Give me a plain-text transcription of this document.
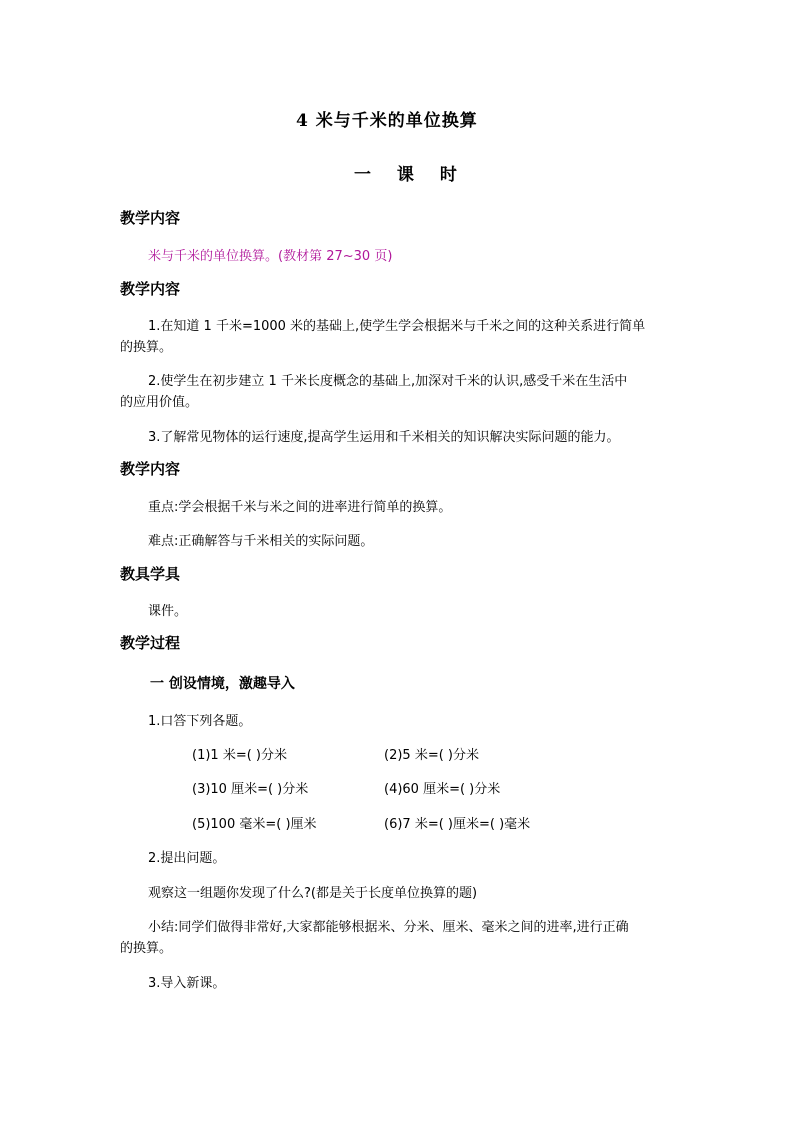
4 米与千米的单位换算
一 课 时
教学内容
米与千米的单位换算。(教材第 27~30 页)
教学内容
1.在知道 1 千米=1000 米的基础上,使学生学会根据米与千米之间的这种关系进行简单
的换算。
2.使学生在初步建立 1 千米长度概念的基础上,加深对千米的认识,感受千米在生活中
的应用价值。
3.了解常见物体的运行速度,提高学生运用和千米相关的知识解决实际问题的能力。
教学内容
重点:学会根据千米与米之间的进率进行简单的换算。
难点:正确解答与千米相关的实际问题。
教具学具
课件。
教学过程
一 创设情境，激趣导入
1.口答下列各题。
(1)1 米=( )分米	(2)5 米=( )分米
(3)10 厘米=( )分米	(4)60 厘米=( )分米
(5)100 毫米=( )厘米	(6)7 米=( )厘米=( )毫米
2.提出问题。
观察这一组题你发现了什么?(都是关于长度单位换算的题)
小结:同学们做得非常好,大家都能够根据米、分米、厘米、毫米之间的进率,进行正确
的换算。
3.导入新课。
